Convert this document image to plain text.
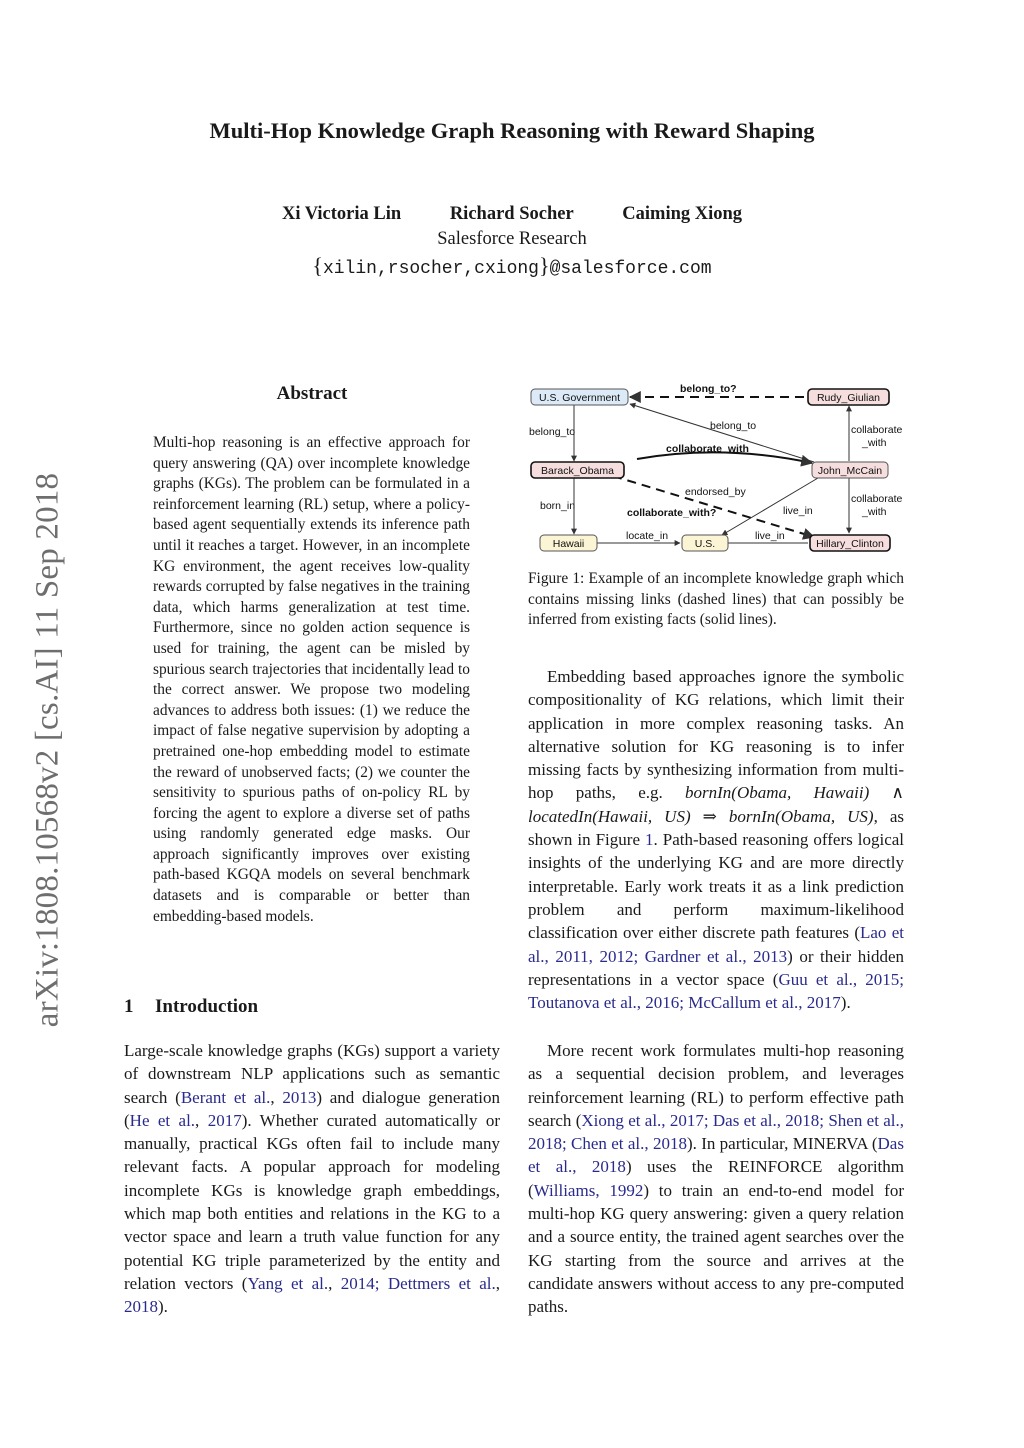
arXiv:1808.10568v2 [cs.AI] 11 Sep 2018
Multi-Hop Knowledge Graph Reasoning with Reward Shaping
Xi Victoria Lin	Richard Socher	Caiming Xiong
Salesforce Research
{xilin,rsocher,cxiong}@salesforce.com
Abstract
Multi-hop reasoning is an effective approach for query answering (QA) over incomplete knowledge graphs (KGs). The problem can be formulated in a reinforcement learning (RL) setup, where a policy-based agent sequentially extends its inference path until it reaches a target. However, in an incomplete KG environment, the agent receives low-quality rewards corrupted by false negatives in the training data, which harms generalization at test time. Furthermore, since no golden action sequence is used for training, the agent can be misled by spurious search trajectories that incidentally lead to the correct answer. We propose two modeling advances to address both issues: (1) we reduce the impact of false negative supervision by adopting a pretrained one-hop embedding model to estimate the reward of unobserved facts; (2) we counter the sensitivity to spurious paths of on-policy RL by forcing the agent to explore a diverse set of paths using randomly generated edge masks. Our approach significantly improves over existing path-based KGQA models on several benchmark datasets and is comparable or better than embedding-based models.
1 Introduction

Large-scale knowledge graphs (KGs) support a variety of downstream NLP applications such as semantic search (Berant et al., 2013) and dialogue generation (He et al., 2017). Whether curated automatically or manually, practical KGs often fail to include many relevant facts. A popular approach for modeling incomplete KGs is knowledge graph embeddings, which map both entities and relations in the KG to a vector space and learn a truth value function for any potential KG triple parameterized by the entity and relation vectors (Yang et al., 2014; Dettmers et al., 2018).

U.S. Government	Rudy_Giulian
Barack_Obama	John_McCain
Hawaii	U.S.	Hillary_Clinton
belong_to?
belong_to	belong_to
collaborate_with
collaborate
_with
endorsed_by
born_in
collaborate_with?	live_in
collaborate
_with
locate_in	live_in
Figure 1: Example of an incomplete knowledge graph which contains missing links (dashed lines) that can possibly be inferred from existing facts (solid lines).

Embedding based approaches ignore the symbolic compositionality of KG relations, which limit their application in more complex reasoning tasks. An alternative solution for KG reasoning is to infer missing facts by synthesizing information from multi-hop paths, e.g. bornIn(Obama, Hawaii) ∧ locatedIn(Hawaii, US) ⇒ bornIn(Obama, US), as shown in Figure 1. Path-based reasoning offers logical insights of the underlying KG and are more directly interpretable. Early work treats it as a link prediction problem and perform maximum-likelihood classification over either discrete path features (Lao et al., 2011, 2012; Gardner et al., 2013) or their hidden representations in a vector space (Guu et al., 2015; Toutanova et al., 2016; McCallum et al., 2017).

More recent work formulates multi-hop reasoning as a sequential decision problem, and leverages reinforcement learning (RL) to perform effective path search (Xiong et al., 2017; Das et al., 2018; Shen et al., 2018; Chen et al., 2018). In particular, MINERVA (Das et al., 2018) uses the REINFORCE algorithm (Williams, 1992) to train an end-to-end model for multi-hop KG query answering: given a query relation and a source entity, the trained agent searches over the KG starting from the source and arrives at the candidate answers without access to any pre-computed paths.
